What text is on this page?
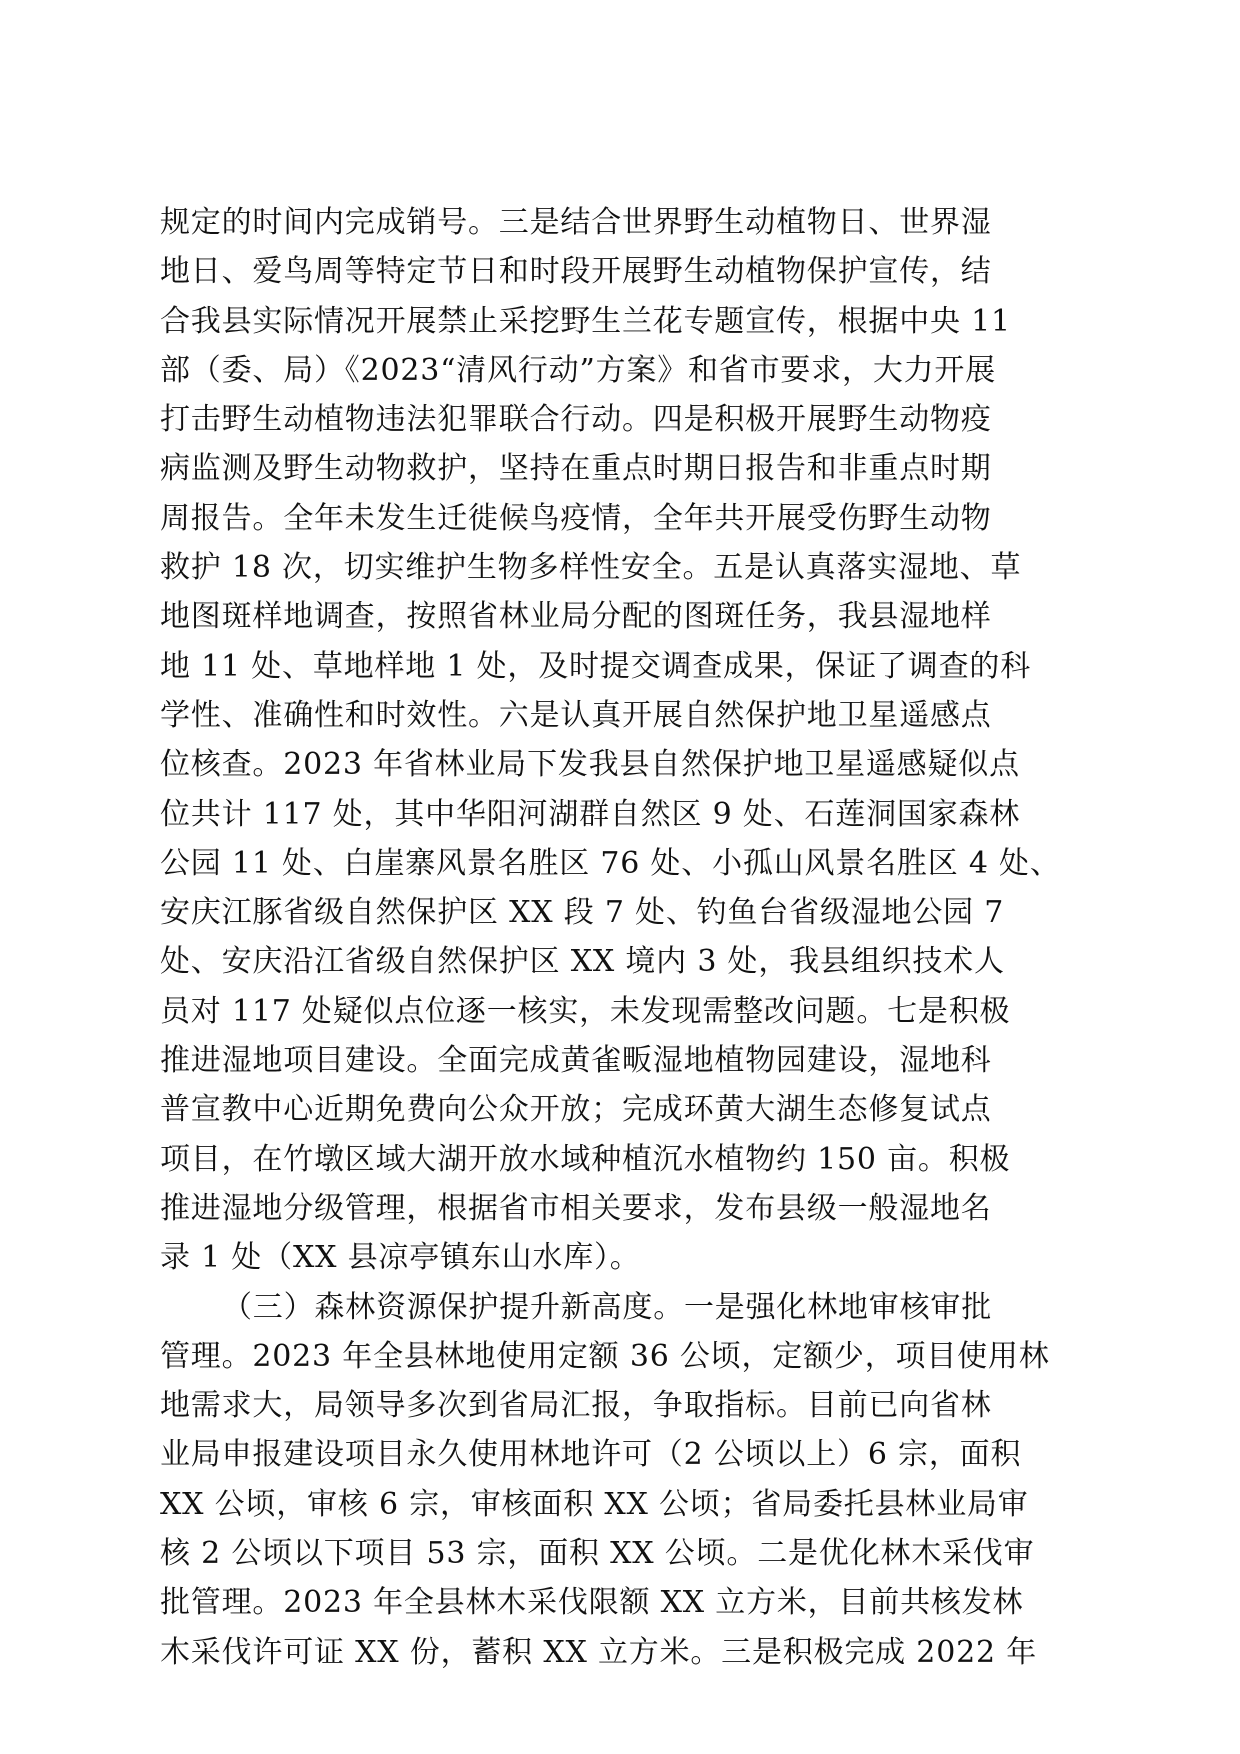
规定的时间内完成销号。三是结合世界野生动植物日、世界湿
地日、爱鸟周等特定节日和时段开展野生动植物保护宣传，结
合我县实际情况开展禁止采挖野生兰花专题宣传，根据中央 11
部（委、局）《2023“清风行动”方案》和省市要求，大力开展
打击野生动植物违法犯罪联合行动。四是积极开展野生动物疫
病监测及野生动物救护，坚持在重点时期日报告和非重点时期
周报告。全年未发生迁徙候鸟疫情，全年共开展受伤野生动物
救护 18 次，切实维护生物多样性安全。五是认真落实湿地、草
地图斑样地调查，按照省林业局分配的图斑任务，我县湿地样
地 11 处、草地样地 1 处，及时提交调查成果，保证了调查的科
学性、准确性和时效性。六是认真开展自然保护地卫星遥感点
位核查。2023 年省林业局下发我县自然保护地卫星遥感疑似点
位共计 117 处，其中华阳河湖群自然区 9 处、石莲洞国家森林
公园 11 处、白崖寨风景名胜区 76 处、小孤山风景名胜区 4 处、
安庆江豚省级自然保护区 XX 段 7 处、钓鱼台省级湿地公园 7
处、安庆沿江省级自然保护区 XX 境内 3 处，我县组织技术人
员对 117 处疑似点位逐一核实，未发现需整改问题。七是积极
推进湿地项目建设。全面完成黄雀畈湿地植物园建设，湿地科
普宣教中心近期免费向公众开放；完成环黄大湖生态修复试点
项目，在竹墩区域大湖开放水域种植沉水植物约 150 亩。积极
推进湿地分级管理，根据省市相关要求，发布县级一般湿地名
录 1 处（XX 县凉亭镇东山水库）。
（三）森林资源保护提升新高度。一是强化林地审核审批
管理。2023 年全县林地使用定额 36 公顷，定额少，项目使用林
地需求大，局领导多次到省局汇报，争取指标。目前已向省林
业局申报建设项目永久使用林地许可（2 公顷以上）6 宗，面积
XX 公顷，审核 6 宗，审核面积 XX 公顷；省局委托县林业局审
核 2 公顷以下项目 53 宗，面积 XX 公顷。二是优化林木采伐审
批管理。2023 年全县林木采伐限额 XX 立方米，目前共核发林
木采伐许可证 XX 份，蓄积 XX 立方米。三是积极完成 2022 年
